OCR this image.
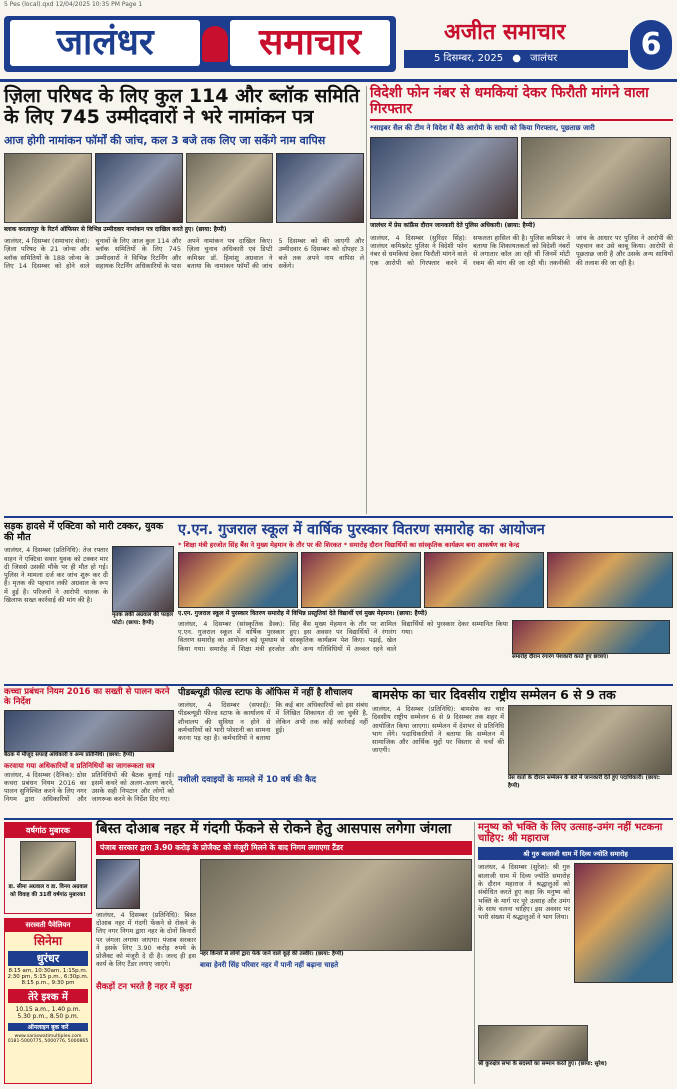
5 Pes (local).qxd 12/04/2025 10:35 PM Page 1
जालंधर	समाचार	अजीत समाचार
5 दिसम्बर, 2025 ● जालंधर	6
ज़िला परिषद के लिए कुल 114 और ब्लॉक समिति
के लिए 745 उम्मीदवारों ने भरे नामांकन पत्र
आज होगी नामांकन फॉर्मों की जांच, कल 3 बजे तक लिए जा सकेंगे नाम वापिस
ब्लाक करतारपुर के रिटर्न ऑफिसर से विभिन्न उम्मीदवार नामांकन पत्र दाखिल करते हुए। (छाया: हैप्पी)
जालंधर, 4 दिसम्बर (समाचार सेवा): ज़िला परिषद के 21 जोन्स और ब्लॉक समितियों के 188 जोन्स के लिए 14 दिसम्बर को होने वाले चुनावों के लिए आज कुल 114 और ब्लॉक समितियों के लिए 745 उम्मीदवारों ने विभिन्न रिटर्निंग और सहायक रिटर्निंग अधिकारियों के पास अपने नामांकन पत्र दाखिल किए। ज़िला चुनाव अधिकारी एवं डिप्टी कमिश्नर डॉ. हिमांशु अग्रवाल ने बताया कि नामांकन फॉर्मों की जांच 5 दिसम्बर को की जाएगी और उम्मीदवार 6 दिसम्बर को दोपहर 3 बजे तक अपने नाम वापिस ले सकेंगे।
विदेशी फोन नंबर से धमकियां देकर फिरौती मांगने वाला गिरफ्तार
*साइबर सैल की टीम ने विदेश में बैठे आरोपी के साथी को किया गिरफ्तार, पूछताछ जारी
जालंधर में प्रेस कांफ्रैंस दौरान जानकारी देते पुलिस अधिकारी। (छाया: हैप्पी)
जालंधर, 4 दिसम्बर (सुरिंदर सिंह): जालंधर कमिश्नरेट पुलिस ने विदेशी फोन नंबर से धमकियां देकर फिरौती मांगने वाले एक आरोपी को गिरफ्तार करने में सफलता हासिल की है। पुलिस कमिश्नर ने बताया कि शिकायतकर्ता को विदेशी नंबरों से लगातार कॉल आ रही थीं जिनमें मोटी रकम की मांग की जा रही थी। तकनीकी जांच के आधार पर पुलिस ने आरोपी की पहचान कर उसे काबू किया। आरोपी से पूछताछ जारी है और उसके अन्य साथियों की तलाश की जा रही है।
सड़क हादसे में एक्टिवा को मारी टक्कर, युवक की मौत
जालंधर, 4 दिसम्बर (प्रतिनिधि): तेज रफ्तार वाहन ने एक्टिवा सवार युवक को टक्कर मार दी जिससे उसकी मौके पर ही मौत हो गई। पुलिस ने मामला दर्ज कर जांच शुरू कर दी है। मृतक की पहचान लकी अग्रवाल के रूप में हुई है। परिजनों ने आरोपी चालक के खिलाफ सख्त कार्रवाई की मांग की है।
मृतक लकी अग्रवाल की फाइल फोटो। (छाया: हैप्पी)
ए.एन. गुजराल स्कूल में वार्षिक पुरस्कार वितरण समारोह का आयोजन
* शिक्षा मंत्री हरजोत सिंह बैंस ने मुख्य मेहमान के तौर पर की शिरकत * समारोह दौरान विद्यार्थियों का सांस्कृतिक कार्यक्रम बना आकर्षण का केन्द्र
ए.एन. गुजराल स्कूल में पुरस्कार वितरण समारोह में विभिन्न प्रस्तुतियां देते विद्यार्थी एवं मुख्य मेहमान। (छाया: हैप्पी)
जालंधर, 4 दिसम्बर (सांस्कृतिक डैस्क): ए.एन. गुजराल स्कूल में वार्षिक पुरस्कार वितरण समारोह का आयोजन बड़े धूमधाम से किया गया। समारोह में शिक्षा मंत्री हरजोत सिंह बैंस मुख्य मेहमान के तौर पर शामिल हुए। इस अवसर पर विद्यार्थियों ने रंगारंग सांस्कृतिक कार्यक्रम पेश किए। पढ़ाई, खेल और अन्य गतिविधियों में अव्वल रहने वाले विद्यार्थियों को पुरस्कार देकर सम्मानित किया गया।
समारोह दौरान रंगारंग पेशकारी करते हुए छात्राएं।
कच्चा प्रबंधन नियम 2016 का सख्ती से पालन करने के निर्देश
बैठक में मौजूद सफाई अधिकारी व अन्य प्रतिनिधि। (छाया: हैप्पी)
करवाया गया अधिकारियों व प्रतिनिधियों का जागरूकता सत्र
जालंधर, 4 दिसम्बर (दैनिक): ठोस कचरा प्रबंधन नियम 2016 का पालन सुनिश्चित करने के लिए नगर निगम द्वारा अधिकारियों और प्रतिनिधियों की बैठक बुलाई गई। इसमें कचरे को अलग-अलग करने, उसके सही निपटान और लोगों को जागरूक करने के निर्देश दिए गए।
पीडब्ल्यूडी फील्ड स्टाफ के ऑफिस में नहीं है शौचालय
जालंधर, 4 दिसम्बर (सफाई): पीडब्ल्यूडी फील्ड स्टाफ के कार्यालय में शौचालय की सुविधा न होने से कर्मचारियों को भारी परेशानी का सामना करना पड़ रहा है। कर्मचारियों ने बताया कि कई बार अधिकारियों को इस संबंध में लिखित शिकायत दी जा चुकी है, लेकिन अभी तक कोई कार्रवाई नहीं हुई।
नशीली दवाइयों के मामले में 10 वर्ष की कैद
बामसेफ का चार दिवसीय राष्ट्रीय सम्मेलन 6 से 9 तक
जालंधर, 4 दिसम्बर (प्रतिनिधि): बामसेफ का चार दिवसीय राष्ट्रीय सम्मेलन 6 से 9 दिसम्बर तक शहर में आयोजित किया जाएगा। सम्मेलन में देशभर से प्रतिनिधि भाग लेंगे। पदाधिकारियों ने बताया कि सम्मेलन में सामाजिक और आर्थिक मुद्दों पर विस्तार से चर्चा की जाएगी।
प्रेस वार्ता के दौरान सम्मेलन के बारे में जानकारी देते हुए पदाधिकारी। (छाया: हैप्पी)
वर्षगांठ मुबारक
डा. सीमा अग्रवाल व डा. विनय अग्रवाल को विवाह की 31वीं वर्षगांठ मुबारक!
सरस्वती पैवेलियन
सिनेमा
धुरंधर
8:15 am, 10:30am, 1:15p.m.
2:30 pm, 5:15 p.m., 6:30p.m.
8:15 p.m., 9:30 pm
तेरे इश्क में
10.15 a.m., 1.40 p.m.
5.30 p.m., 8.50 p.m.
ऑनलाइन बुक करें
www.saraswatimultiplex.com
0181-5000775, 5000776, 5000865
बिस्त दोआब नहर में गंदगी फेंकने से रोकने हेतु आसपास लगेगा जंगला
पंजाब सरकार द्वारा 3.90 करोड़ के प्रोजैक्ट को मंजूरी मिलने के बाद निगम लगाएगा टैंडर
जालंधर, 4 दिसम्बर (प्रतिनिधि): बिस्त दोआब नहर में गंदगी फेंकने से रोकने के लिए नगर निगम द्वारा नहर के दोनों किनारों पर जंगला लगाया जाएगा। पंजाब सरकार ने इसके लिए 3.90 करोड़ रुपये के प्रोजैक्ट को मंजूरी दे दी है। जल्द ही इस कार्य के लिए टैंडर लगाए जाएंगे।
सैकड़ों टन भरते है नहर में कूड़ा
नहर किनारे से लोगों द्वारा फेंके जाने वाले कूड़े की तस्वीर। (छाया: हैप्पी)
बावा हेनरी सिंह परिवार नहर में पानी नहीं बढ़ाना चाहते
मनुष्य को भक्ति के लिए उत्साह-उमंग नहीं भटकना चाहिए: श्री महाराज
श्री गुरु बालाजी धाम में दिव्य ज्योति समारोह
जालंधर, 4 दिसम्बर (सुरेश): श्री गुरु बालाजी धाम में दिव्य ज्योति समारोह के दौरान महाराज ने श्रद्धालुओं को संबोधित करते हुए कहा कि मनुष्य को भक्ति के मार्ग पर पूरे उत्साह और उमंग के साथ चलना चाहिए। इस अवसर पर भारी संख्या में श्रद्धालुओं ने भाग लिया।
श्री कुरुक्षेत्र सभा के सदस्यों का सम्मान करते हुए। (छाया: सुरेश)
